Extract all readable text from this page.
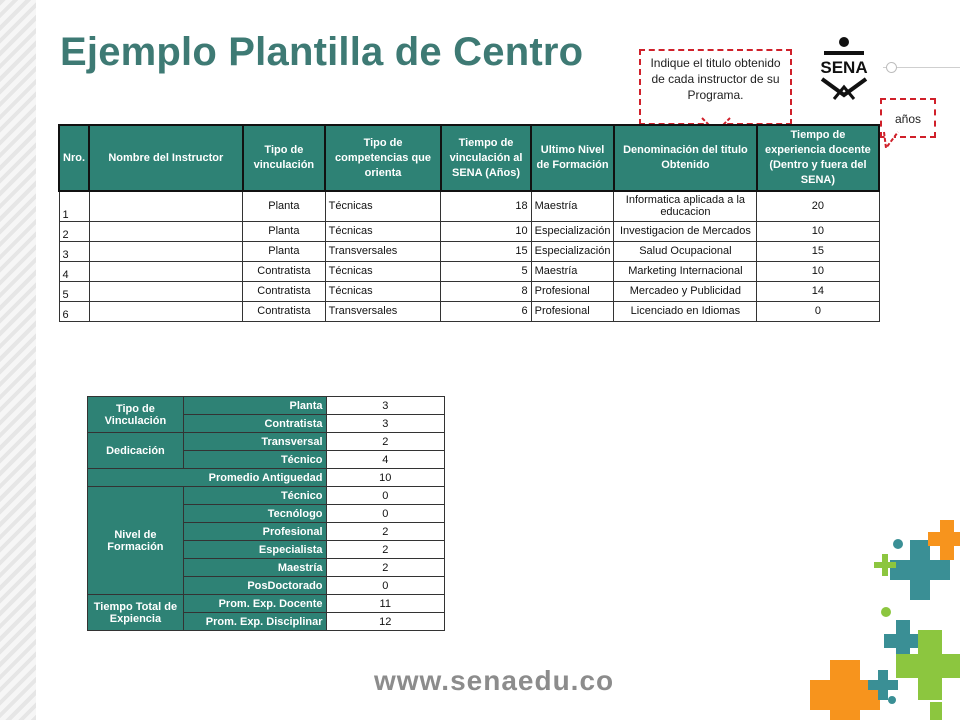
Ejemplo Plantilla de Centro	Indique el titulo obtenido de cada instructor de su Programa.
años
SENA
Nro.	Nombre del Instructor	Tipo de vinculación	Tipo de competencias que orienta	Tiempo de vinculación al SENA (Años)	Ultimo Nivel de Formación	Denominación del titulo Obtenido	Tiempo de experiencia docente (Dentro y fuera del SENA)
1		Planta	Técnicas	18	Maestría	Informatica aplicada a la educacion	20
2		Planta	Técnicas	10	Especialización	Investigacion de Mercados	10
3		Planta	Transversales	15	Especialización	Salud Ocupacional	15
4		Contratista	Técnicas	5	Maestría	Marketing Internacional	10
5		Contratista	Técnicas	8	Profesional	Mercadeo y Publicidad	14
6		Contratista	Transversales	6	Profesional	Licenciado en Idiomas	0
Tipo de Vinculación	Planta	3
	Contratista	3
Dedicación	Transversal	2
	Técnico	4
Promedio Antiguedad		10
Nivel de Formación	Técnico	0
	Tecnólogo	0
	Profesional	2
	Especialista	2
	Maestría	2
	PosDoctorado	0
Tiempo Total de Expiencia	Prom. Exp. Docente	11
	Prom. Exp. Disciplinar	12
www.senaedu.co
